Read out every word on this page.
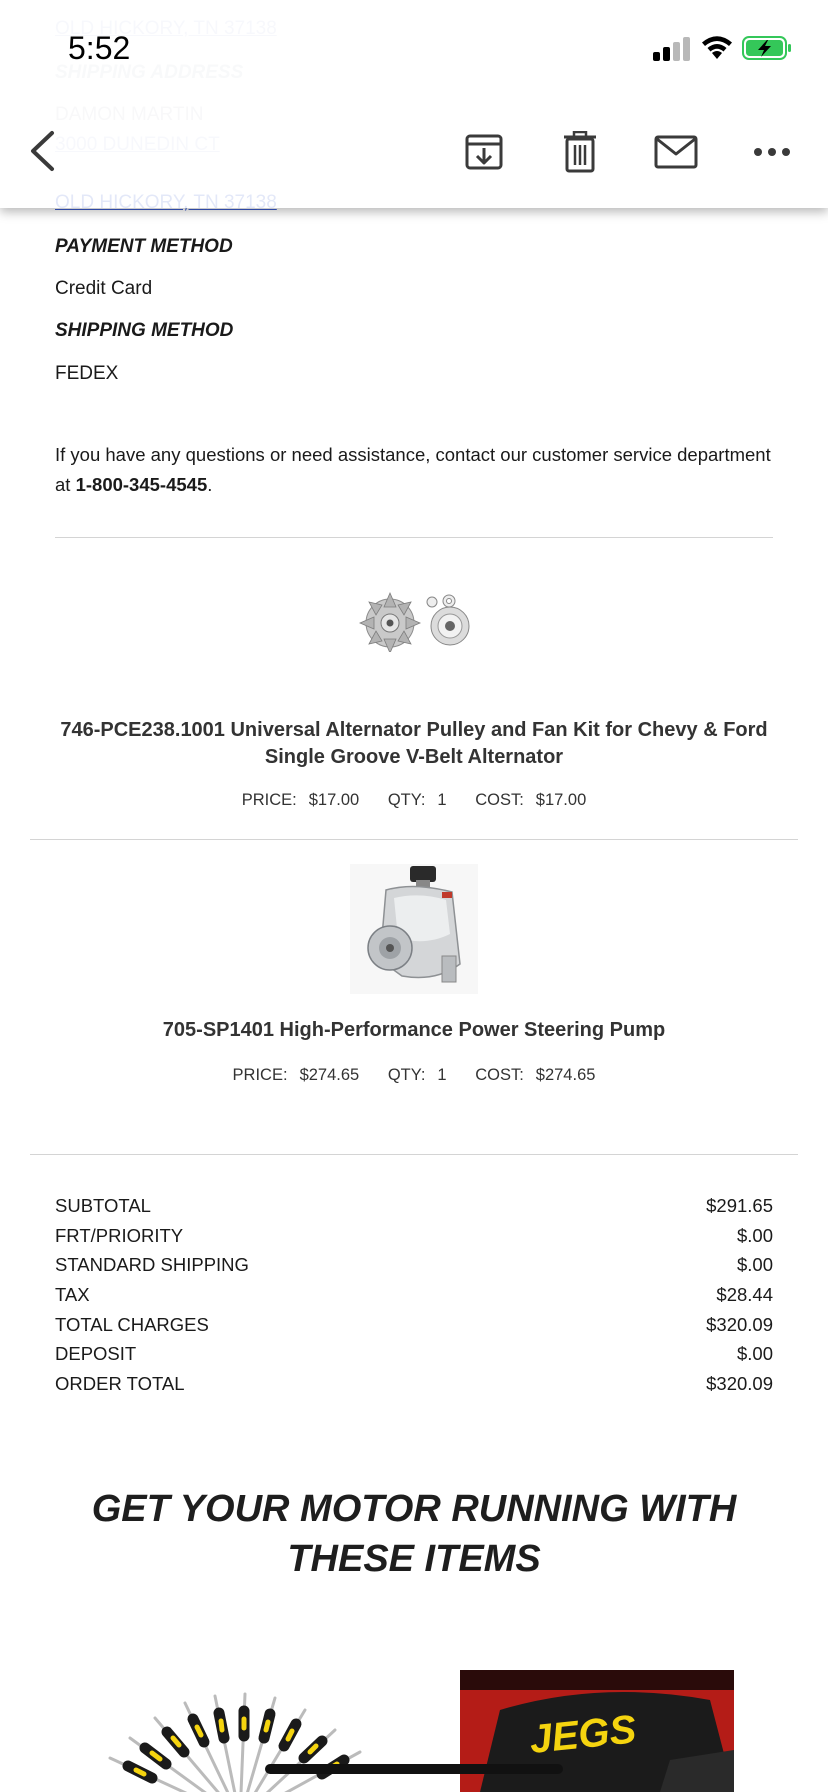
PAYMENT METHOD
Credit Card
SHIPPING METHOD
FEDEX
If you have any questions or need assistance, contact our customer service department at 1-800-345-4545.
746-PCE238.1001 Universal Alternator Pulley and Fan Kit for Chevy & Ford Single Groove V-Belt Alternator
PRICE: $17.00 QTY: 1 COST: $17.00
705-SP1401 High-Performance Power Steering Pump
PRICE: $274.65 QTY: 1 COST: $274.65
SUBTOTAL	$291.65
FRT/PRIORITY	$.00
STANDARD SHIPPING	$.00
TAX	$28.44
TOTAL CHARGES	$320.09
DEPOSIT	$.00
ORDER TOTAL	$320.09
GET YOUR MOTOR RUNNING WITH
THESE ITEMS
JEGS
5:52
